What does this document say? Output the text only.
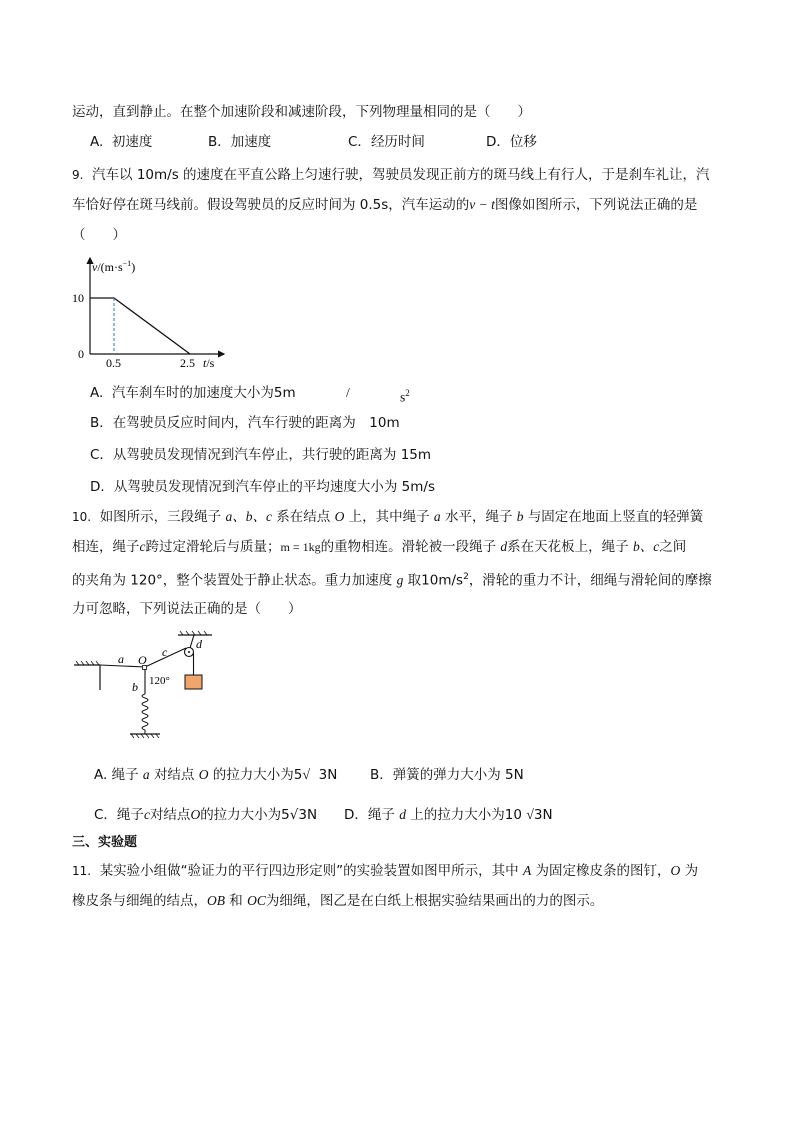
运动，直到静止。在整个加速阶段和减速阶段，下列物理量相同的是（　　）
A. 初速度	B．加速度	C．经历时间	D．位移
9. 汽车以 10m/s 的速度在平直公路上匀速行驶，驾驶员发现正前方的斑马线上有行人，于是刹车礼让，汽
车恰好停在斑马线前。假设驾驶员的反应时间为 0.5s，汽车运动的v − t图像如图所示，下列说法正确的是
（　　）
$v/(m\cdot s^{-1})$
10
0
0.5	2.5 t/s
A. 汽车刹车时的加速度大小为5m	/	$s^2$
B．在驾驶员反应时间内，汽车行驶的距离为　10m
C．从驾驶员发现情况到汽车停止，共行驶的距离为 15m
D．从驾驶员发现情况到汽车停止的平均速度大小为 5m/s
10. 如图所示，三段绳子 a、b、c 系在结点 O 上，其中绳子 a 水平，绳子 b 与固定在地面上竖直的轻弹簧
相连，绳子c跨过定滑轮后与质量；m = 1kg的重物相连。滑轮被一段绳子 d系在天花板上，绳子 b、c之间
的夹角为 120°，整个装置处于静止状态。重力加速度 g 取$10m/s^2$，滑轮的重力不计，细绳与滑轮间的摩擦
力可忽略，下列说法正确的是（　　）
a O
c
d
b 120°
A. 绳子 a 对结点 O 的拉力大小为5√ 3N B．弹簧的弹力大小为 5N
C．绳子c对结点O的拉力大小为5√3N D．绳子 d 上的拉力大小为10 √3N
三、实验题
11. 某实验小组做“验证力的平行四边形定则”的实验装置如图甲所示，其中 A 为固定橡皮条的图钉，O 为
橡皮条与细绳的结点，OB 和 OC为细绳，图乙是在白纸上根据实验结果画出的力的图示。
